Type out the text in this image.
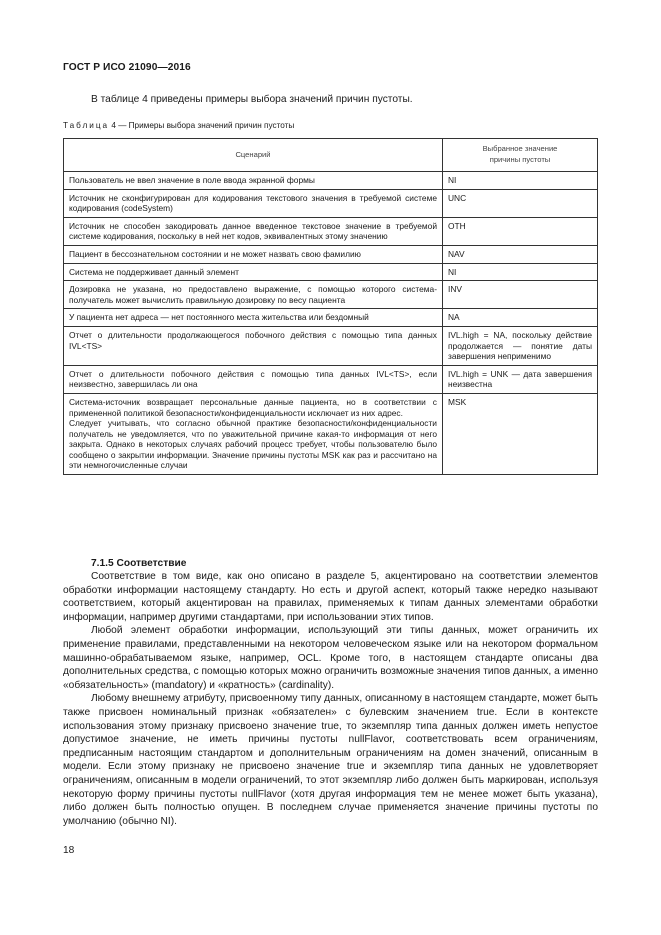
ГОСТ Р ИСО 21090—2016
В таблице 4 приведены примеры выбора значений причин пустоты.
Таблица 4 — Примеры выбора значений причин пустоты
Сценарий	Выбранное значение
причины пустоты
Пользователь не ввел значение в поле ввода экранной формы	NI
Источник не сконфигурирован для кодирования текстового значения в требуемой системе кодирования (codeSystem)	UNC
Источник не способен закодировать данное введенное текстовое значение в требуемой системе кодирования, поскольку в ней нет кодов, эквивалентных этому значению	OTH
Пациент в бессознательном состоянии и не может назвать свою фамилию	NAV
Система не поддерживает данный элемент	NI
Дозировка не указана, но предоставлено выражение, с помощью которого система-получатель может вычислить правильную дозировку по весу пациента	INV
У пациента нет адреса — нет постоянного места жительства или бездомный	NA
Отчет о длительности продолжающегося побочного действия с помощью типа данных IVL<TS>	IVL.high = NA, поскольку действие продолжается — понятие даты завершения неприменимо
Отчет о длительности побочного действия с помощью типа данных IVL<TS>, если неизвестно, завершилась ли она	IVL.high = UNK — дата завершения неизвестна

Система-источник возвращает персональные данные пациента, но в соответствии с примененной политикой безопасности/конфиденциальности исключает из них адрес.
Следует учитывать, что согласно обычной практике безопасности/конфиденциальности получатель не уведомляется, что по уважительной причине какая-то информация от него закрыта. Однако в некоторых случаях рабочий процесс требует, чтобы пользователю было сообщено о закрытии информации. Значение причины пустоты MSK как раз и рассчитано на эти немногочисленные случаи	MSK
7.1.5 Соответствие

Соответствие в том виде, как оно описано в разделе 5, акцентировано на соответствии элементов обработки информации настоящему стандарту. Но есть и другой аспект, который также нередко называют соответствием, который акцентирован на правилах, применяемых к типам данных элементами обработки информации, например другими стандартами, при использовании этих типов.

Любой элемент обработки информации, использующий эти типы данных, может ограничить их применение правилами, представленными на некотором человеческом языке или на некотором формальном машинно-обрабатываемом языке, например, OCL. Кроме того, в настоящем стандарте описаны два дополнительных средства, с помощью которых можно ограничить возможные значения типов данных, а именно «обязательность» (mandatory) и «кратность» (cardinality).

Любому внешнему атрибуту, присвоенному типу данных, описанному в настоящем стандарте, может быть также присвоен номинальный признак «обязателен» с булевским значением true. Если в контексте использования этому признаку присвоено значение true, то экземпляр типа данных должен иметь непустое допустимое значение, не иметь причины пустоты nullFlavor, соответствовать всем ограничениям, предписанным настоящим стандартом и дополнительным ограничениям на домен значений, описанным в модели. Если этому признаку не присвоено значение true и экземпляр типа данных не удовлетворяет ограничениям, описанным в модели ограничений, то этот экземпляр либо должен быть маркирован, используя некоторую форму причины пустоты nullFlavor (хотя другая информация тем не менее может быть указана), либо должен быть полностью опущен. В последнем случае применяется значение причины пустоты по умолчанию (обычно NI).

18
